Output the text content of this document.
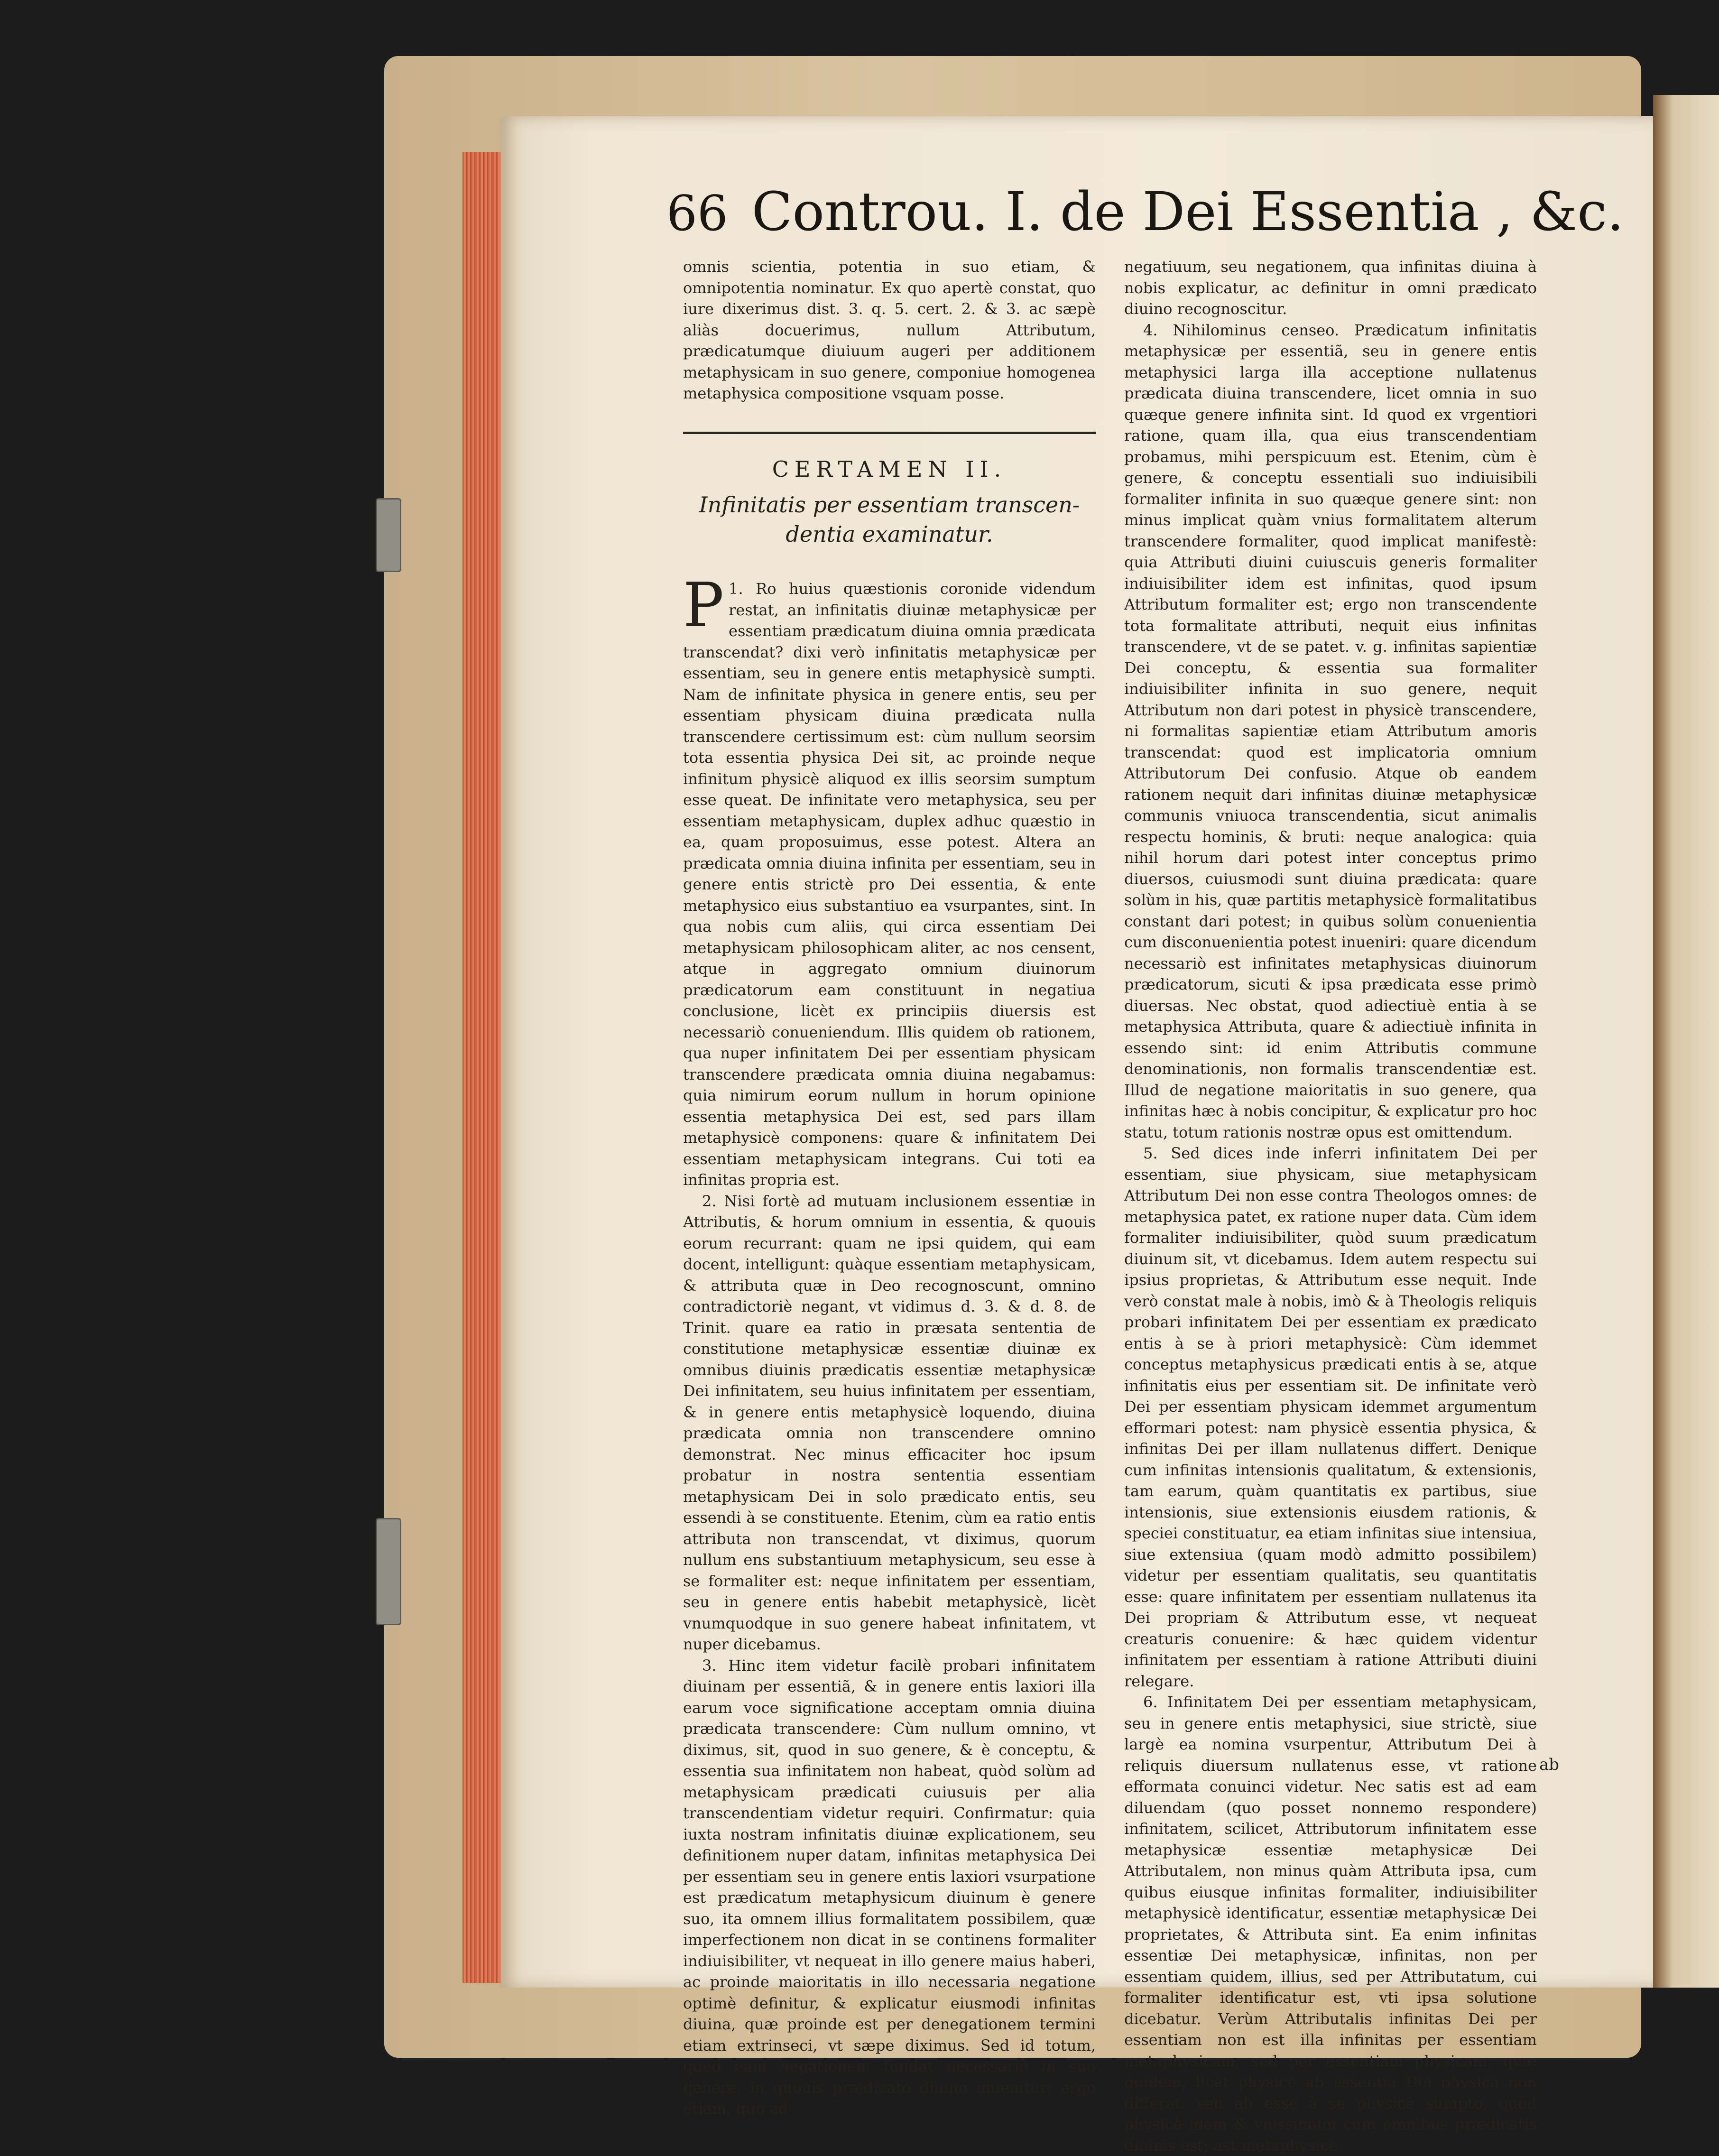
66 Controu. I. de Dei Essentia , &c.

omnis scientia, potentia in suo etiam, & omnipotentia nominatur. Ex quo apertè constat, quo iure dixerimus dist. 3. q. 5. cert. 2. & 3. ac sæpè aliàs docuerimus, nullum Attributum, prædicatumque diuiuum augeri per additionem metaphysicam in suo genere, componiue homogenea metaphysica compositione vsquam posse.

CERTAMEN II.
Infinitatis per essentiam transcen-
dentia examinatur.

1.
P	Ro huius quæstionis coronide videndum restat, an infinitatis diuinæ metaphysicæ per essentiam prædicatum diuina omnia prædicata transcendat? dixi verò infinitatis metaphysicæ per essentiam, seu in genere entis metaphysicè sumpti. Nam de infinitate physica in genere entis, seu per essentiam physicam diuina prædicata nulla transcendere certissimum est: cùm nullum seorsim tota essentia physica Dei sit, ac proinde neque infinitum physicè aliquod ex illis seorsim sumptum esse queat. De infinitate vero metaphysica, seu per essentiam metaphysicam, duplex adhuc quæstio in ea, quam proposuimus, esse potest. Altera an prædicata omnia diuina infinita per essentiam, seu in genere entis strictè pro Dei essentia, & ente metaphysico eius substantiuo ea vsurpantes, sint. In qua nobis cum aliis, qui circa essentiam Dei metaphysicam philosophicam aliter, ac nos censent, atque in aggregato omnium diuinorum prædicatorum eam constituunt in negatiua conclusione, licèt ex principiis diuersis est necessariò conueniendum. Illis quidem ob rationem, qua nuper infinitatem Dei per essentiam physicam transcendere prædicata omnia diuina negabamus: quia nimirum eorum nullum in horum opinione essentia metaphysica Dei est, sed pars illam metaphysicè componens: quare & infinitatem Dei essentiam metaphysicam integrans. Cui toti ea infinitas propria est.

2. Nisi fortè ad mutuam inclusionem essentiæ in Attributis, & horum omnium in essentia, & quouis eorum recurrant: quam ne ipsi quidem, qui eam docent, intelligunt: quàque essentiam metaphysicam, & attributa quæ in Deo recognoscunt, omnino contradictoriè negant, vt vidimus d. 3. & d. 8. de Trinit. quare ea ratio in præsata sententia de constitutione metaphysicæ essentiæ diuinæ ex omnibus diuinis prædicatis essentiæ metaphysicæ Dei infinitatem, seu huius infinitatem per essentiam, & in genere entis metaphysicè loquendo, diuina prædicata omnia non transcendere omnino demonstrat. Nec minus efficaciter hoc ipsum probatur in nostra sententia essentiam metaphysicam Dei in solo prædicato entis, seu essendi à se constituente. Etenim, cùm ea ratio entis attributa non transcendat, vt diximus, quorum nullum ens substantiuum metaphysicum, seu esse à se formaliter est: neque infinitatem per essentiam, seu in genere entis habebit metaphysicè, licèt vnumquodque in suo genere habeat infinitatem, vt nuper dicebamus.

3. Hinc item videtur facilè probari infinitatem diuinam per essentiã, & in genere entis laxiori illa earum voce significatione acceptam omnia diuina prædicata transcendere: Cùm nullum omnino, vt diximus, sit, quod in suo genere, & è conceptu, & essentia sua infinitatem non habeat, quòd solùm ad metaphysicam prædicati cuiusuis per alia transcendentiam videtur requiri. Confirmatur: quia iuxta nostram infinitatis diuinæ explicationem, seu definitionem nuper datam, infinitas metaphysica Dei per essentiam seu in genere entis laxiori vsurpatione est prædicatum metaphysicum diuinum è genere suo, ita omnem illius formalitatem possibilem, quæ imperfectionem non dicat in se continens formaliter indiuisibiliter, vt nequeat in illo genere maius haberi, ac proinde maioritatis in illo necessaria negatione optimè definitur, & explicatur eiusmodi infinitas diuina, quæ proinde est per denegationem termini etiam extrinseci, vt sæpe diximus. Sed id totum, quod eam negationem fundat necessariò in suo genere, in quouis prædicato diuino inuenitur: ergo etiam, quo ad

negatiuum, seu negationem, qua infinitas diuina à nobis explicatur, ac definitur in omni prædicato diuino recognoscitur.

4. Nihilominus censeo. Prædicatum infinitatis metaphysicæ per essentiã, seu in genere entis metaphysici larga illa acceptione nullatenus prædicata diuina transcendere, licet omnia in suo quæque genere infinita sint. Id quod ex vrgentiori ratione, quam illa, qua eius transcendentiam probamus, mihi perspicuum est. Etenim, cùm è genere, & conceptu essentiali suo indiuisibili formaliter infinita in suo quæque genere sint: non minus implicat quàm vnius formalitatem alterum transcendere formaliter, quod implicat manifestè: quia Attributi diuini cuiuscuis generis formaliter indiuisibiliter idem est infinitas, quod ipsum Attributum formaliter est; ergo non transcendente tota formalitate attributi, nequit eius infinitas transcendere, vt de se patet. v. g. infinitas sapientiæ Dei conceptu, & essentia sua formaliter indiuisibiliter infinita in suo genere, nequit Attributum non dari potest in physicè transcendere, ni formalitas sapientiæ etiam Attributum amoris transcendat: quod est implicatoria omnium Attributorum Dei confusio. Atque ob eandem rationem nequit dari infinitas diuinæ metaphysicæ communis vniuoca transcendentia, sicut animalis respectu hominis, & bruti: neque analogica: quia nihil horum dari potest inter conceptus primo diuersos, cuiusmodi sunt diuina prædicata: quare solùm in his, quæ partitis metaphysicè formalitatibus constant dari potest; in quibus solùm conuenientia cum disconuenientia potest inueniri: quare dicendum necessariò est infinitates metaphysicas diuinorum prædicatorum, sicuti & ipsa prædicata esse primò diuersas. Nec obstat, quod adiectiuè entia à se metaphysica Attributa, quare & adiectiuè infinita in essendo sint: id enim Attributis commune denominationis, non formalis transcendentiæ est. Illud de negatione maioritatis in suo genere, qua infinitas hæc à nobis concipitur, & explicatur pro hoc statu, totum rationis nostræ opus est omittendum.

5. Sed dices inde inferri infinitatem Dei per essentiam, siue physicam, siue metaphysicam Attributum Dei non esse contra Theologos omnes: de metaphysica patet, ex ratione nuper data. Cùm idem formaliter indiuisibiliter, quòd suum prædicatum diuinum sit, vt dicebamus. Idem autem respectu sui ipsius proprietas, & Attributum esse nequit. Inde verò constat male à nobis, imò & à Theologis reliquis probari infinitatem Dei per essentiam ex prædicato entis à se à priori metaphysicè: Cùm idemmet conceptus metaphysicus prædicati entis à se, atque infinitatis eius per essentiam sit. De infinitate verò Dei per essentiam physicam idemmet argumentum efformari potest: nam physicè essentia physica, & infinitas Dei per illam nullatenus differt. Denique cum infinitas intensionis qualitatum, & extensionis, tam earum, quàm quantitatis ex partibus, siue intensionis, siue extensionis eiusdem rationis, & speciei constituatur, ea etiam infinitas siue intensiua, siue extensiua (quam modò admitto possibilem) videtur per essentiam qualitatis, seu quantitatis esse: quare infinitatem per essentiam nullatenus ita Dei propriam & Attributum esse, vt nequeat creaturis conuenire: & hæc quidem videntur infinitatem per essentiam à ratione Attributi diuini relegare.

6. Infinitatem Dei per essentiam metaphysicam, seu in genere entis metaphysici, siue strictè, siue largè ea nomina vsurpentur, Attributum Dei à reliquis diuersum nullatenus esse, vt ratione efformata conuinci videtur. Nec satis est ad eam diluendam (quo posset nonnemo respondere) infinitatem, scilicet, Attributorum infinitatem esse metaphysicæ essentiæ metaphysicæ Dei Attributalem, non minus quàm Attributa ipsa, cum quibus eiusque infinitas formaliter, indiuisibiliter metaphysicè identificatur, essentiæ metaphysicæ Dei proprietates, & Attributa sint. Ea enim infinitas essentiæ Dei metaphysicæ, infinitas, non per essentiam quidem, illius, sed per Attributatum, cui formaliter identificatur est, vti ipsa solutione dicebatur. Verùm Attributalis infinitas Dei per essentiam non est illa infinitas per essentiam metaphysicam, sed per essentiam physicam, quæ quidem, licèt physicè ab essentia Dei physica non differat, seu ab esse à se physicè sumpto, quòd physicè idem & vnissimum cum omnibus prædicatis diuinis est; ast metaphysicè

ab
